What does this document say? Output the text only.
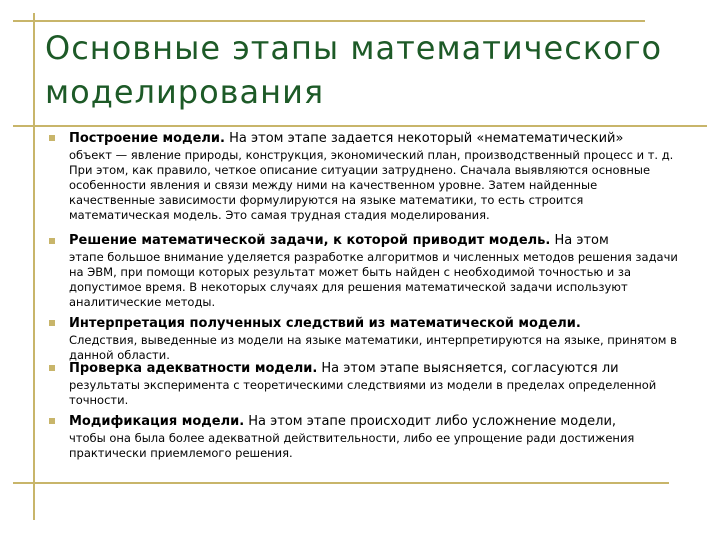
Основные этапы математического моделирования
Построение модели. На этом этапе задается некоторый «нематематический»
объект — явление природы, конструкция, экономический план, производственный процесс и т. д. При этом, как правило, четкое описание ситуации затруднено. Сначала выявляются основные особенности явления и связи между ними на качественном уровне. Затем найденные качественные зависимости формулируются на языке математики, то есть строится математическая модель. Это самая трудная стадия моделирования.
Решение математической задачи, к которой приводит модель. На этом
этапе большое внимание уделяется разработке алгоритмов и численных методов решения задачи на ЭВМ, при помощи которых результат может быть найден с необходимой точностью и за допустимое время. В некоторых случаях для решения математической задачи используют аналитические методы.
Интерпретация полученных следствий из математической модели.
Следствия, выведенные из модели на языке математики, интерпретируются на языке, принятом в данной области.
Проверка адекватности модели. На этом этапе выясняется, согласуются ли
результаты эксперимента с теоретическими следствиями из модели в пределах определенной точности.
Модификация модели. На этом этапе происходит либо усложнение модели,
чтобы она была более адекватной действительности, либо ее упрощение ради достижения практически приемлемого решения.
